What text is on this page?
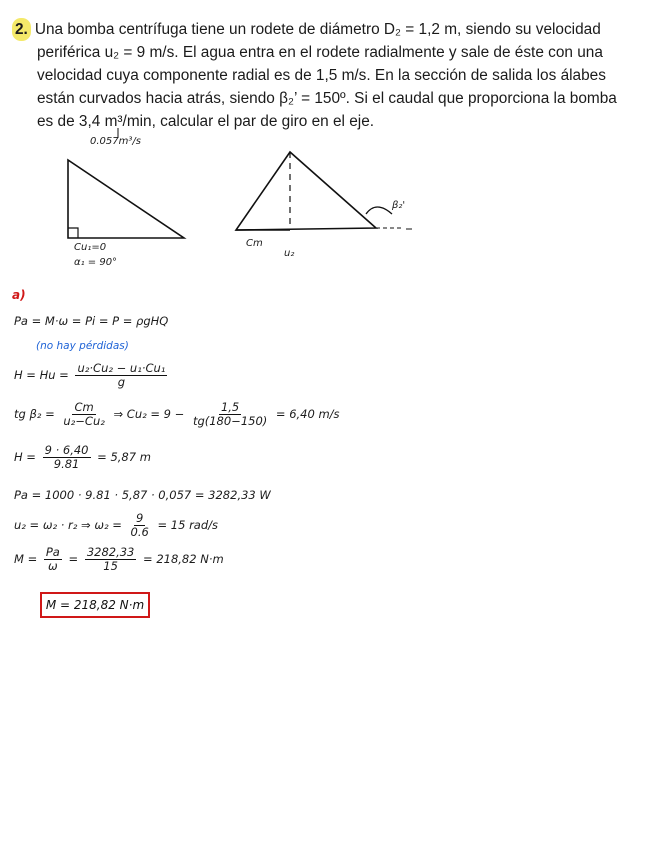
2. Una bomba centrífuga tiene un rodete de diámetro D₂ = 1,2 m, siendo su velocidad
periférica u₂ = 9 m/s. El agua entra en el rodete radialmente y sale de éste con una
velocidad cuya componente radial es de 1,5 m/s. En la sección de salida los álabes
están curvados hacia atrás, siendo β₂’ = 150º. Si el caudal que proporciona la bomba
es de 3,4 m³/min, calcular el par de giro en el eje.
0.057m³/s
Cu₁=0
α₁ = 90°
Cm
u₂
β₂'
a)
Pa = M·ω = Pi = P = ρgHQ
(no hay pérdidas)
$H = Hu = \frac{\text{u₂·Cu₂ − u₁·Cu₁}}{g}$
tg $\beta_2 = \frac{Cm}{\text{u₂−Cu₂}}$ ⇒ $Cu_2 = 9 - \frac{1,5}{tg(180-150)} = 6,40$ m/s
$H = \frac{9 \cdot 6,40}{9.81} = 5,87$ m
Pa = 1000 · 9.81 · 5,87 · 0,057 = 3282,33 W
u₂ = ω₂ · r₂ ⇒ $\omega_2 = \frac{9}{0.6} = 15$ rad/s
$M = \frac{Pa}{\omega} = \frac{3282,33}{15} = 218,82$ N·m
M = 218,82 N·m
